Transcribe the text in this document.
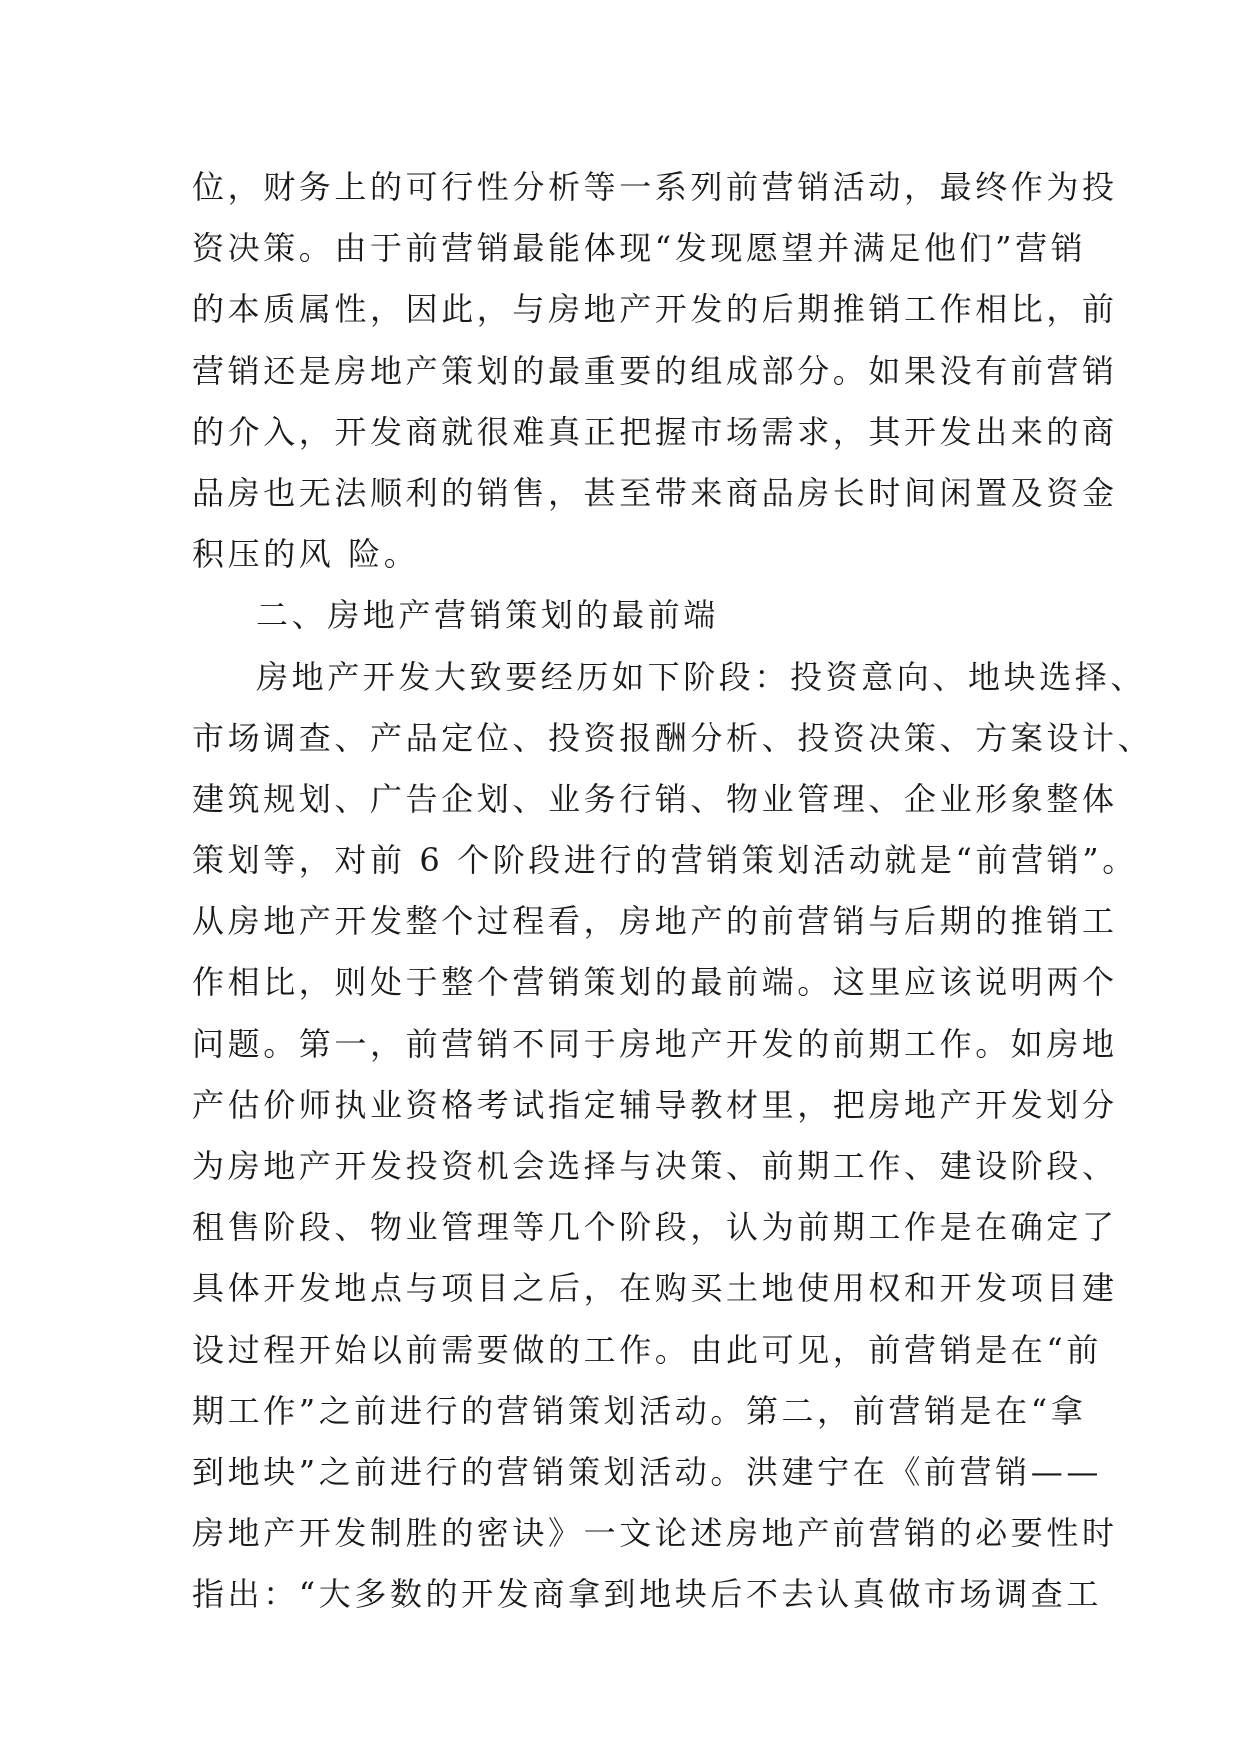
位，财务上的可行性分析等一系列前营销活动，最终作为投
资决策。由于前营销最能体现“发现愿望并满足他们”营销
的本质属性，因此，与房地产开发的后期推销工作相比，前
营销还是房地产策划的最重要的组成部分。如果没有前营销
的介入，开发商就很难真正把握市场需求，其开发出来的商
品房也无法顺利的销售，甚至带来商品房长时间闲置及资金
积压的风 险。
二、房地产营销策划的最前端
房地产开发大致要经历如下阶段：投资意向、地块选择、
市场调查、产品定位、投资报酬分析、投资决策、方案设计、
建筑规划、广告企划、业务行销、物业管理、企业形象整体
策划等，对前 6 个阶段进行的营销策划活动就是“前营销”。
从房地产开发整个过程看，房地产的前营销与后期的推销工
作相比，则处于整个营销策划的最前端。这里应该说明两个
问题。第一，前营销不同于房地产开发的前期工作。如房地
产估价师执业资格考试指定辅导教材里，把房地产开发划分
为房地产开发投资机会选择与决策、前期工作、建设阶段、
租售阶段、物业管理等几个阶段，认为前期工作是在确定了
具体开发地点与项目之后，在购买土地使用权和开发项目建
设过程开始以前需要做的工作。由此可见，前营销是在“前
期工作”之前进行的营销策划活动。第二，前营销是在“拿
到地块”之前进行的营销策划活动。洪建宁在《前营销——
房地产开发制胜的密诀》一文论述房地产前营销的必要性时
指出：“大多数的开发商拿到地块后不去认真做市场调查工
